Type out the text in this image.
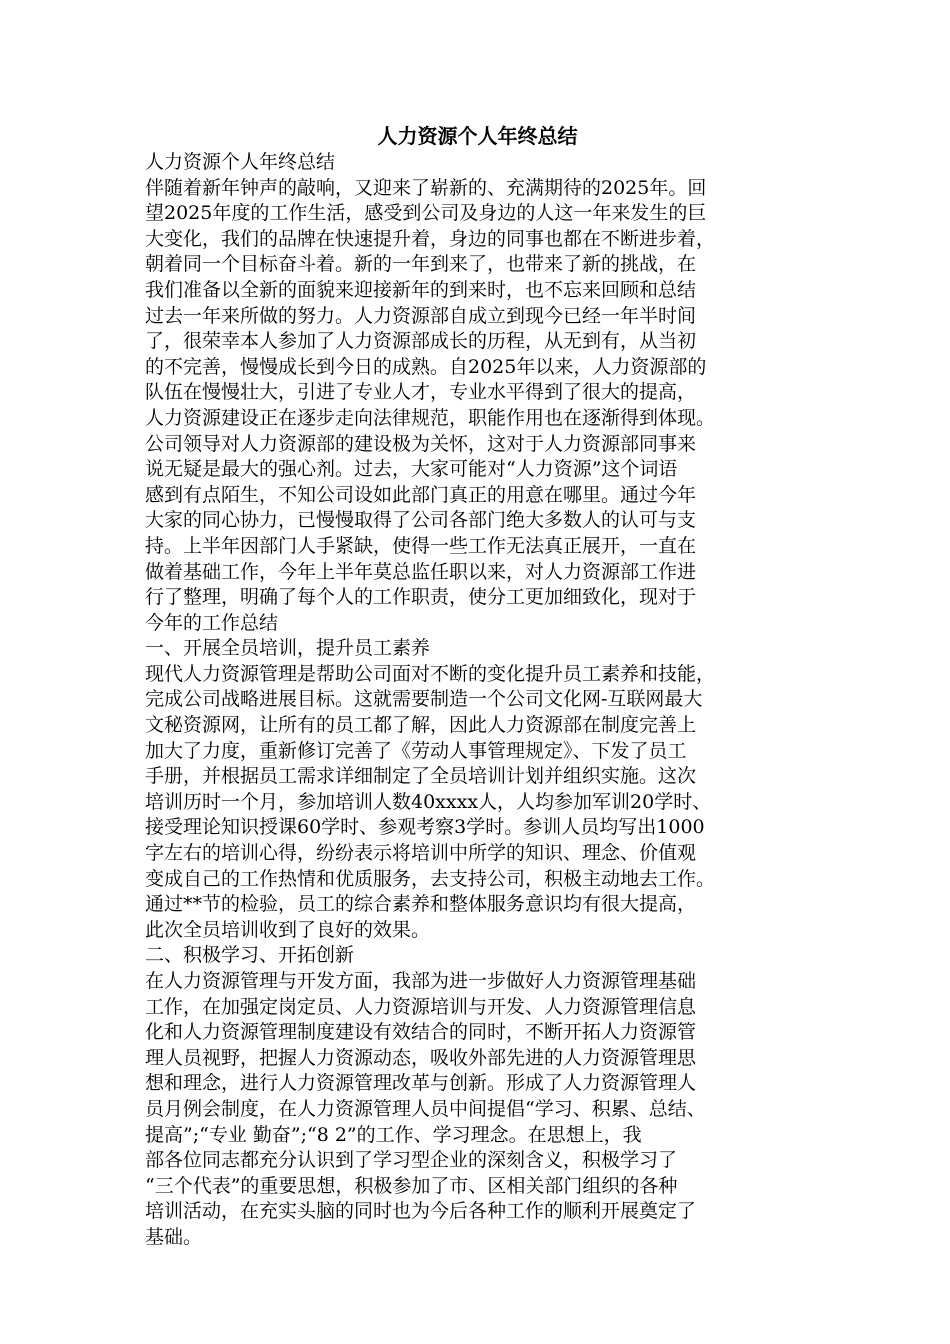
人力资源个人年终总结
人力资源个人年终总结
伴随着新年钟声的敲响，又迎来了崭新的、充满期待的2025年。回
望2025年度的工作生活，感受到公司及身边的人这一年来发生的巨
大变化，我们的品牌在快速提升着，身边的同事也都在不断进步着，
朝着同一个目标奋斗着。新的一年到来了，也带来了新的挑战，在
我们准备以全新的面貌来迎接新年的到来时，也不忘来回顾和总结
过去一年来所做的努力。人力资源部自成立到现今已经一年半时间
了，很荣幸本人参加了人力资源部成长的历程，从无到有，从当初
的不完善，慢慢成长到今日的成熟。自2025年以来，人力资源部的
队伍在慢慢壮大，引进了专业人才，专业水平得到了很大的提高，
人力资源建设正在逐步走向法律规范，职能作用也在逐渐得到体现。
公司领导对人力资源部的建设极为关怀，这对于人力资源部同事来
说无疑是最大的强心剂。过去，大家可能对“人力资源”这个词语
感到有点陌生，不知公司设如此部门真正的用意在哪里。通过今年
大家的同心协力，已慢慢取得了公司各部门绝大多数人的认可与支
持。上半年因部门人手紧缺，使得一些工作无法真正展开，一直在
做着基础工作，今年上半年莫总监任职以来，对人力资源部工作进
行了整理，明确了每个人的工作职责，使分工更加细致化，现对于
今年的工作总结
一、开展全员培训，提升员工素养
现代人力资源管理是帮助公司面对不断的变化提升员工素养和技能，
完成公司战略进展目标。这就需要制造一个公司文化网-互联网最大
文秘资源网，让所有的员工都了解，因此人力资源部在制度完善上
加大了力度，重新修订完善了《劳动人事管理规定》、下发了员工
手册，并根据员工需求详细制定了全员培训计划并组织实施。这次
培训历时一个月，参加培训人数40xxxx人，人均参加军训20学时、
接受理论知识授课60学时、参观考察3学时。参训人员均写出1000
字左右的培训心得，纷纷表示将培训中所学的知识、理念、价值观
变成自己的工作热情和优质服务，去支持公司，积极主动地去工作。
通过**节的检验，员工的综合素养和整体服务意识均有很大提高，
此次全员培训收到了良好的效果。
二、积极学习、开拓创新
在人力资源管理与开发方面，我部为进一步做好人力资源管理基础
工作，在加强定岗定员、人力资源培训与开发、人力资源管理信息
化和人力资源管理制度建设有效结合的同时，不断开拓人力资源管
理人员视野，把握人力资源动态，吸收外部先进的人力资源管理思
想和理念，进行人力资源管理改革与创新。形成了人力资源管理人
员月例会制度，在人力资源管理人员中间提倡“学习、积累、总结、
提高”;“专业 勤奋”;“8 2”的工作、学习理念。在思想上，我
部各位同志都充分认识到了学习型企业的深刻含义，积极学习了
“三个代表”的重要思想，积极参加了市、区相关部门组织的各种
培训活动，在充实头脑的同时也为今后各种工作的顺利开展奠定了
基础。
